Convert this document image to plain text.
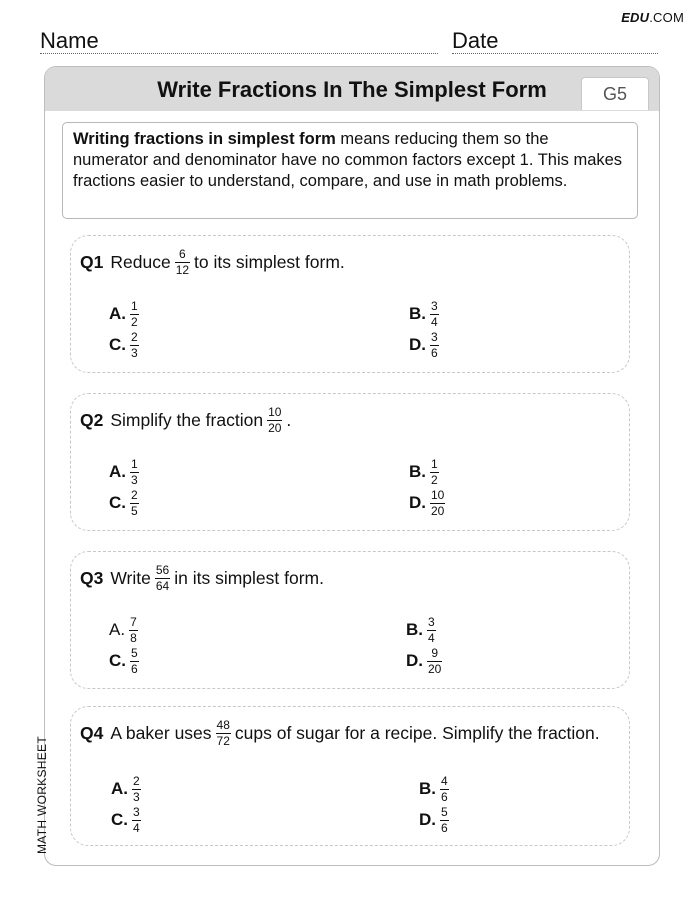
EDU.COM
Name	Date
Write Fractions In The Simplest Form	G5
Writing fractions in simplest form means reducing them so the numerator and denominator have no common factors except 1. This makes fractions easier to understand, compare, and use in math problems.
Q1 Reduce $\frac{6}{12}$ to its simplest form.
A. $\frac{1}{2}$	B. $\frac{3}{4}$
C. $\frac{2}{3}$	D. $\frac{3}{6}$
Q2 Simplify the fraction $\frac{10}{20}$ .
A. $\frac{1}{3}$	B. $\frac{1}{2}$
C. $\frac{2}{5}$	D. $\frac{10}{20}$
Q3 Write $\frac{56}{64}$ in its simplest form.
A. $\frac{7}{8}$	B. $\frac{3}{4}$
C. $\frac{5}{6}$	D. $\frac{9}{20}$
Q4 A baker uses $\frac{48}{72}$ cups of sugar for a recipe. Simplify the fraction.
A. $\frac{2}{3}$	B. $\frac{4}{6}$
C. $\frac{3}{4}$	D. $\frac{5}{6}$
MATH WORKSHEET
